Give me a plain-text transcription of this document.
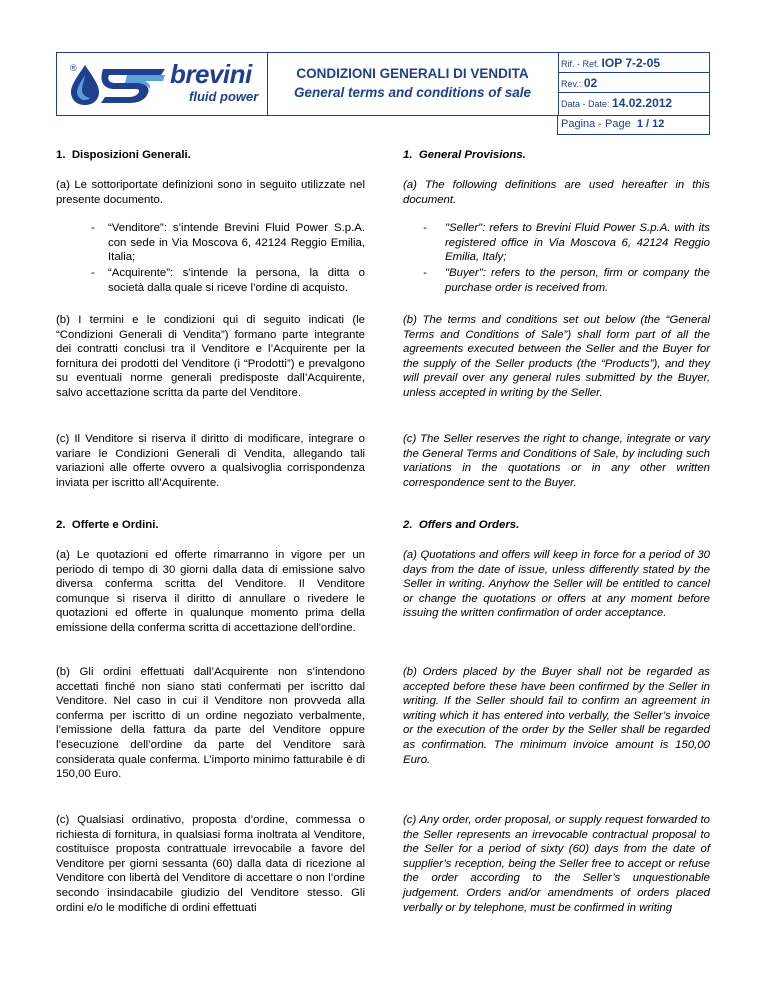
®	brevini
fluid power
CONDIZIONI GENERALI DI VENDITA
General terms and conditions of sale
Rif. - Ref. IOP 7-2-05
Rev.: 02
Data - Date: 14.02.2012
Pagina - Page 1 / 12
1.  Disposizioni Generali.
(a) Le sottoriportate definizioni sono in seguito utilizzate nel presente documento.
- “Venditore”: s’intende Brevini Fluid Power S.p.A. con sede in Via Moscova 6, 42124 Reggio Emilia, Italia;
- “Acquirente”: s’intende la persona, la ditta o società dalla quale si riceve l’ordine di acquisto.
(b) I termini e le condizioni qui di seguito indicati (le “Condizioni Generali di Vendita”) formano parte integrante dei contratti conclusi tra il Venditore e l’Acquirente per la fornitura dei prodotti del Venditore (i “Prodotti”) e prevalgono su eventuali norme generali predisposte dall’Acquirente, salvo accettazione scritta da parte del Venditore.
(c) Il Venditore si riserva il diritto di modificare, integrare o variare le Condizioni Generali di Vendita, allegando tali variazioni alle offerte ovvero a qualsivoglia corrispondenza inviata per iscritto all’Acquirente.
2.  Offerte e Ordini.
(a) Le quotazioni ed offerte rimarranno in vigore per un periodo di tempo di 30 giorni dalla data di emissione salvo diversa conferma scritta del Venditore. Il Venditore comunque si riserva il diritto di annullare o rivedere le quotazioni ed offerte in qualunque momento prima della emissione della conferma scritta di accettazione dell'ordine.
(b) Gli ordini effettuati dall’Acquirente non s’intendono accettati finché non siano stati confermati per iscritto dal Venditore. Nel caso in cui il Venditore non provveda alla conferma per iscritto di un ordine negoziato verbalmente, l’emissione della fattura da parte del Venditore oppure l’esecuzione dell’ordine da parte del Venditore sarà considerata quale conferma. L’importo minimo fatturabile è di 150,00 Euro.
(c) Qualsiasi ordinativo, proposta d’ordine, commessa o richiesta di fornitura, in qualsiasi forma inoltrata al Venditore, costituisce proposta contrattuale irrevocabile a favore del Venditore per giorni sessanta (60) dalla data di ricezione al Venditore con libertà del Venditore di accettare o non l’ordine secondo insindacabile giudizio del Venditore stesso. Gli ordini e/o le modifiche di ordini effettuati
1.  General Provisions.
(a) The following definitions are used hereafter in this document.
- "Seller": refers to Brevini Fluid Power S.p.A. with its registered office in Via Moscova 6, 42124 Reggio Emilia, Italy;
- "Buyer": refers to the person, firm or company the purchase order is received from.
(b) The terms and conditions set out below (the “General Terms and Conditions of Sale”) shall form part of all the agreements executed between the Seller and the Buyer for the supply of the Seller products (the “Products”), and they will prevail over any general rules submitted by the Buyer, unless accepted in writing by the Seller.
(c) The Seller reserves the right to change, integrate or vary the General Terms and Conditions of Sale, by including such variations in the quotations or in any other written correspondence sent to the Buyer.
2.  Offers and Orders.
(a) Quotations and offers will keep in force for a period of 30 days from the date of issue, unless differently stated by the Seller in writing. Anyhow the Seller will be entitled to cancel or change the quotations or offers at any moment before issuing the written confirmation of order acceptance.
(b) Orders placed by the Buyer shall not be regarded as accepted before these have been confirmed by the Seller in writing. If the Seller should fail to confirm an agreement in writing which it has entered into verbally, the Seller’s invoice or the execution of the order by the Seller shall be regarded as confirmation. The minimum invoice amount is 150,00 Euro.
(c) Any order, order proposal, or supply request forwarded to the Seller represents an irrevocable contractual proposal to the Seller for a period of sixty (60) days from the date of supplier’s reception, being the Seller free to accept or refuse the order according to the Seller’s unquestionable judgement. Orders and/or amendments of orders placed verbally or by telephone, must be confirmed in writing
